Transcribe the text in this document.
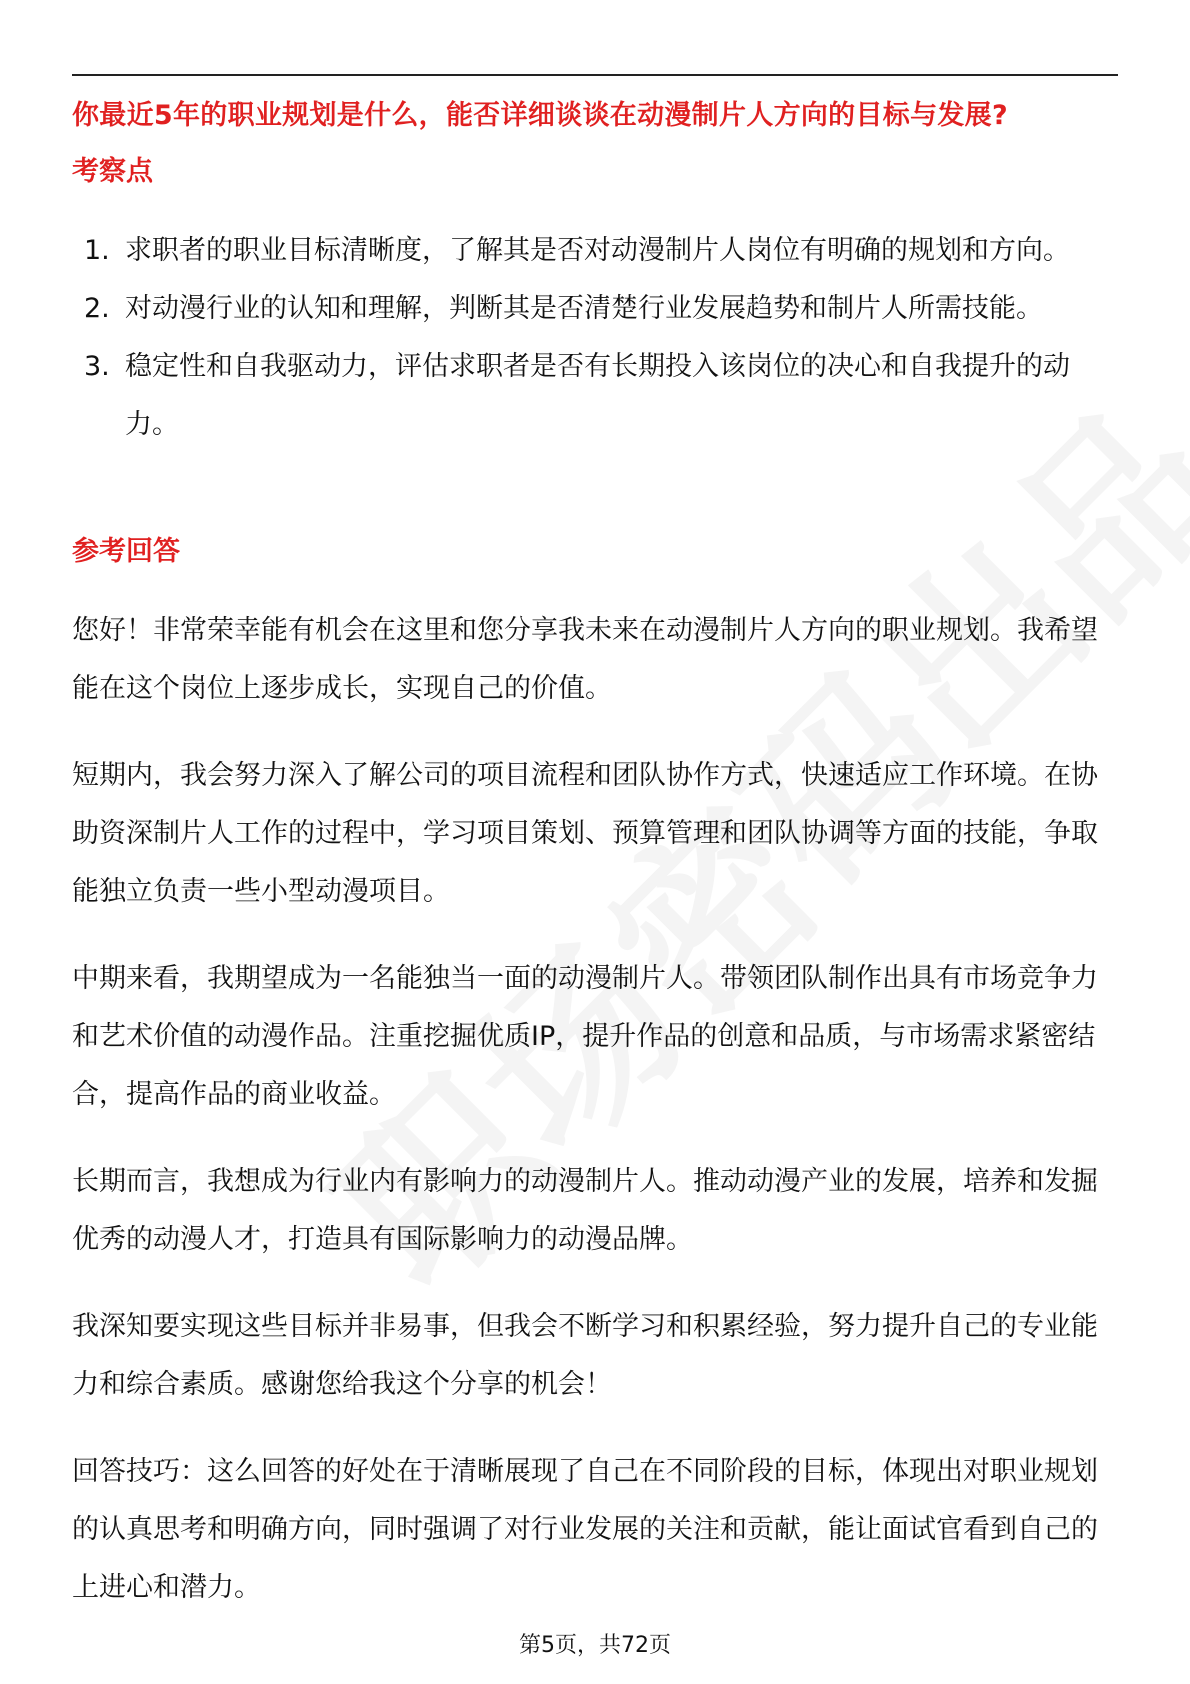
你最近5年的职业规划是什么，能否详细谈谈在动漫制片人方向的目标与发展?
考察点
1. 求职者的职业目标清晰度，了解其是否对动漫制片人岗位有明确的规划和方向。
2. 对动漫行业的认知和理解，判断其是否清楚行业发展趋势和制片人所需技能。
3. 稳定性和自我驱动力，评估求职者是否有长期投入该岗位的决心和自我提升的动力。
参考回答

您好！非常荣幸能有机会在这里和您分享我未来在动漫制片人方向的职业规划。我希望能在这个岗位上逐步成长，实现自己的价值。

短期内，我会努力深入了解公司的项目流程和团队协作方式，快速适应工作环境。在协助资深制片人工作的过程中，学习项目策划、预算管理和团队协调等方面的技能，争取能独立负责一些小型动漫项目。

中期来看，我期望成为一名能独当一面的动漫制片人。带领团队制作出具有市场竞争力和艺术价值的动漫作品。注重挖掘优质IP，提升作品的创意和品质，与市场需求紧密结合，提高作品的商业收益。

长期而言，我想成为行业内有影响力的动漫制片人。推动动漫产业的发展，培养和发掘优秀的动漫人才，打造具有国际影响力的动漫品牌。

我深知要实现这些目标并非易事，但我会不断学习和积累经验，努力提升自己的专业能力和综合素质。感谢您给我这个分享的机会！

回答技巧：这么回答的好处在于清晰展现了自己在不同阶段的目标，体现出对职业规划的认真思考和明确方向，同时强调了对行业发展的关注和贡献，能让面试官看到自己的上进心和潜力。

第5页，共72页
